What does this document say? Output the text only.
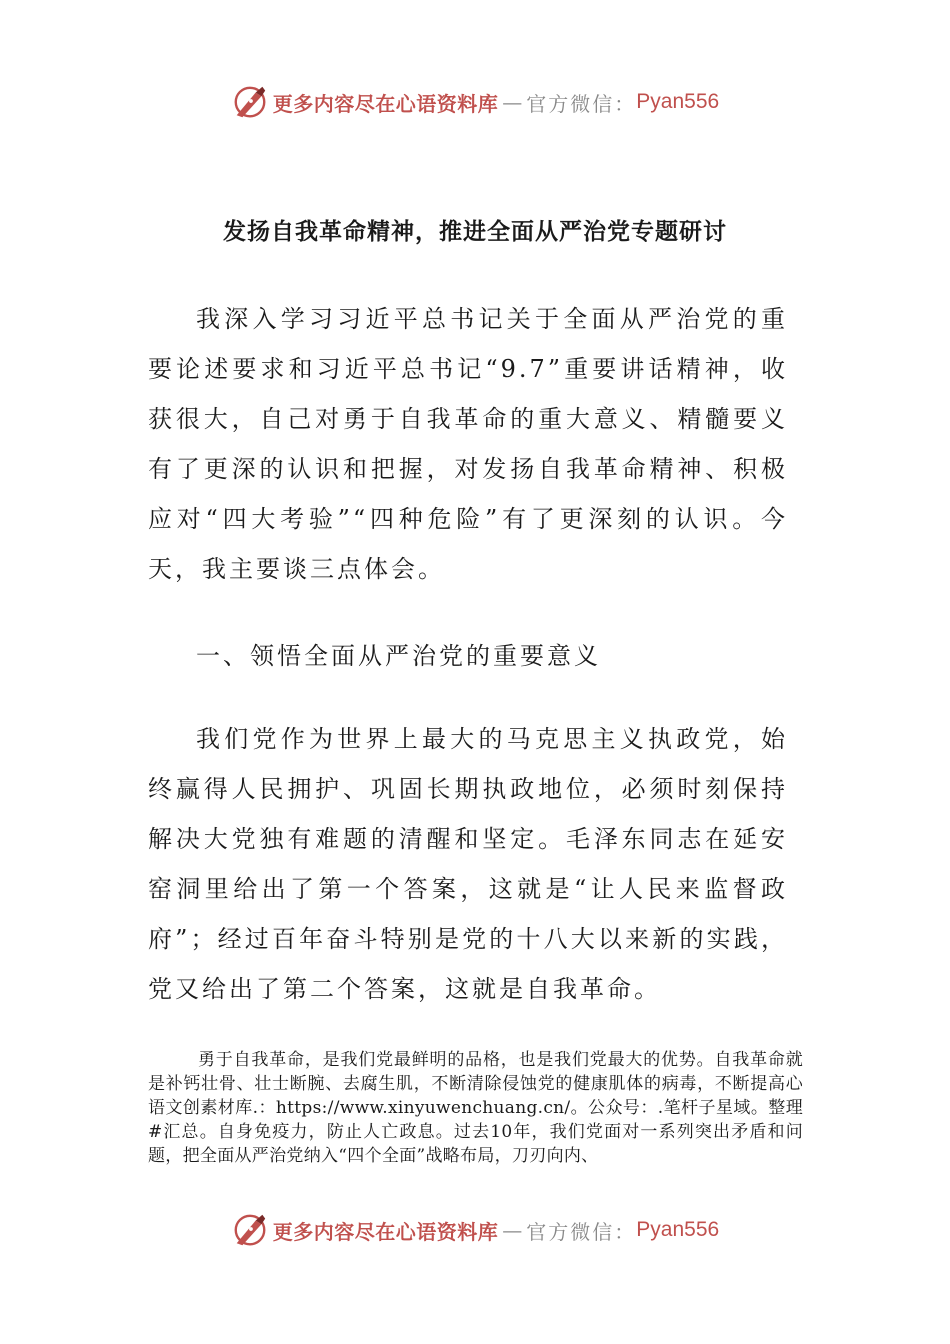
更多内容尽在心语资料库 — 官方微信： Pyan556
发扬自我革命精神，推进全面从严治党专题研讨

我深入学习习近平总书记关于全面从严治党的重要论述要求和习近平总书记“9.7”重要讲话精神，收获很大，自己对勇于自我革命的重大意义、精髓要义有了更深的认识和把握，对发扬自我革命精神、积极应对“四大考验”“四种危险”有了更深刻的认识。今天，我主要谈三点体会。

一、领悟全面从严治党的重要意义

我们党作为世界上最大的马克思主义执政党，始终赢得人民拥护、巩固长期执政地位，必须时刻保持解决大党独有难题的清醒和坚定。毛泽东同志在延安窑洞里给出了第一个答案，这就是“让人民来监督政府”；经过百年奋斗特别是党的十八大以来新的实践，党又给出了第二个答案，这就是自我革命。

勇于自我革命，是我们党最鲜明的品格，也是我们党最大的优势。自我革命就是补钙壮骨、壮士断腕、去腐生肌，不断清除侵蚀党的健康肌体的病毒，不断提高心语文创素材库.：https://www.xinyuwenchuang.cn/。公众号：.笔杆子星域。整理#汇总。自身免疫力，防止人亡政息。过去10年，我们党面对一系列突出矛盾和问题，把全面从严治党纳入“四个全面”战略布局，刀刃向内、

更多内容尽在心语资料库 — 官方微信： Pyan556
